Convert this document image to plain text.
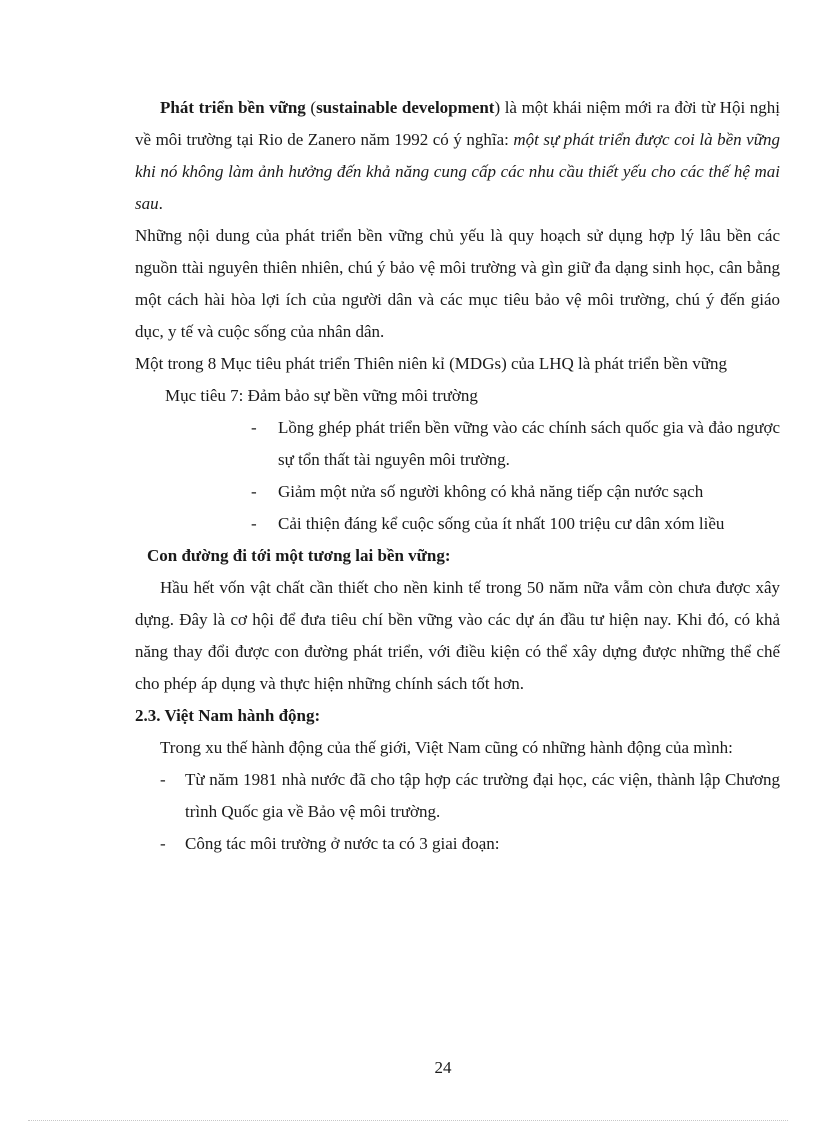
Phát triển bền vững (sustainable development) là một khái niệm mới ra đời từ Hội nghị về môi trường tại Rio de Zanero năm 1992 có ý nghĩa: một sự phát triển được coi là bền vững khi nó không làm ảnh hưởng đến khả năng cung cấp các nhu cầu thiết yếu cho các thế hệ mai sau.

Những nội dung của phát triển bền vững chủ yếu là quy hoạch sử dụng hợp lý lâu bền các nguồn ttài nguyên thiên nhiên, chú ý bảo vệ môi trường và gìn giữ đa dạng sinh học, cân bằng một cách hài hòa lợi ích của người dân và các mục tiêu bảo vệ môi trường, chú ý đến giáo dục, y tế và cuộc sống của nhân dân.

Một trong 8 Mục tiêu phát triển Thiên niên kỉ (MDGs) của LHQ là phát triển bền vững

Mục tiêu 7: Đảm bảo sự bền vững môi trường

- Lồng ghép phát triển bền vững vào các chính sách quốc gia và đảo ngược sự tổn thất tài nguyên môi trường.
- Giảm một nửa số người không có khả năng tiếp cận nước sạch
- Cải thiện đáng kể cuộc sống của ít nhất 100 triệu cư dân xóm liều

Con đường đi tới một tương lai bền vững:

Hầu hết vốn vật chất cần thiết cho nền kinh tế trong 50 năm nữa vẫm còn chưa được xây dựng. Đây là cơ hội để đưa tiêu chí bền vững vào các dự án đầu tư hiện nay. Khi đó, có khả năng thay đổi được con đường phát triển, với điều kiện có thể xây dựng được những thể chế cho phép áp dụng và thực hiện những chính sách tốt hơn.

2.3. Việt Nam hành động:

Trong xu thế hành động của thế giới, Việt Nam cũng có những hành động của mình:

- Từ năm 1981 nhà nước đã cho tập hợp các trường đại học, các viện, thành lập Chương trình Quốc gia về Bảo vệ môi trường.
- Công tác môi trường ở nước ta có 3 giai đoạn:
24
